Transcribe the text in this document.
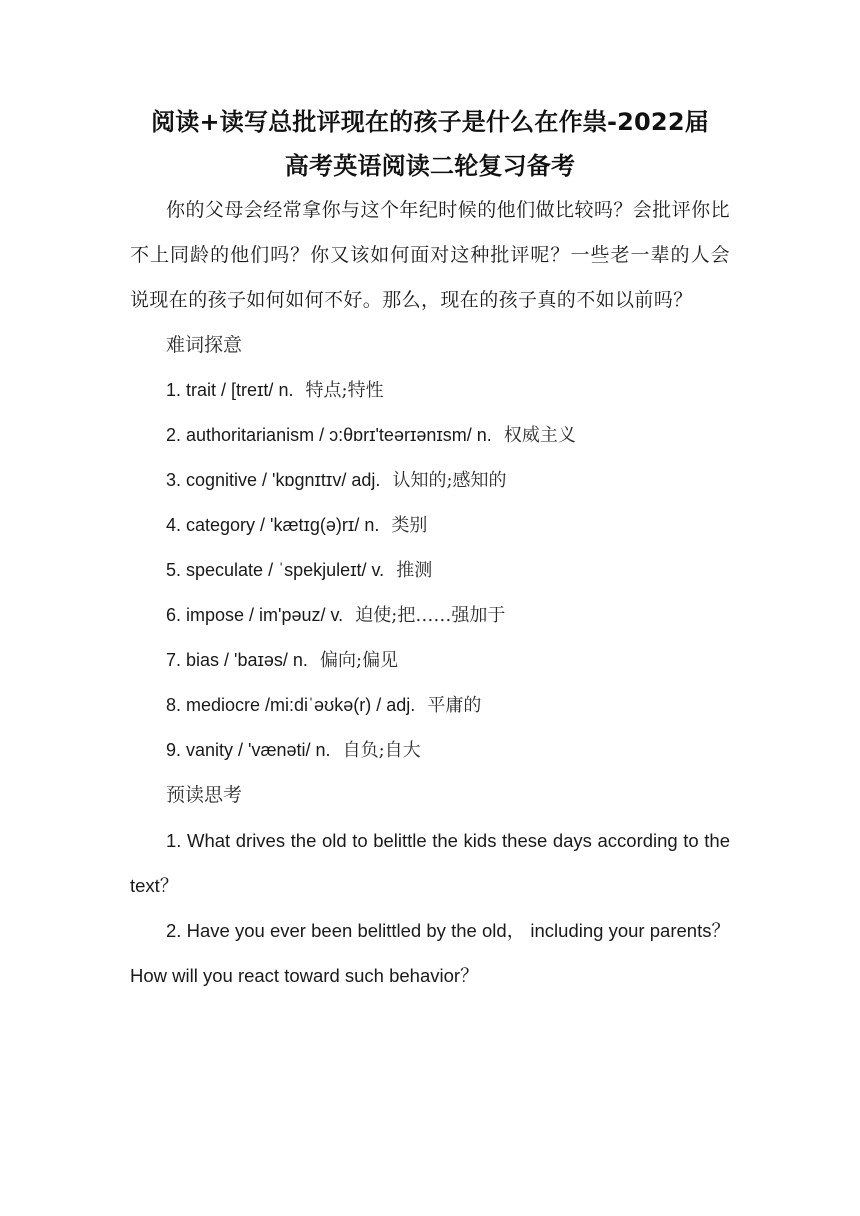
阅读+读写总批评现在的孩子是什么在作祟-2022届
高考英语阅读二轮复习备考

你的父母会经常拿你与这个年纪时候的他们做比较吗？会批评你比不上同龄的他们吗？你又该如何面对这种批评呢？一些老一辈的人会说现在的孩子如何如何不好。那么，现在的孩子真的不如以前吗？

难词探意

1. trait / [treɪt/ n. 特点;特性

2. authoritarianism / ɔ:θɒrɪ'teərɪənɪsm/ n. 权威主义

3. cognitive / 'kɒɡnɪtɪv/ adj. 认知的;感知的

4. category / 'kætɪg(ə)rɪ/ n. 类别

5. speculate / ˈspekjuleɪt/ v. 推测

6. impose / im'pəuz/ v. 迫使;把……强加于

7. bias / 'baɪəs/ n. 偏向;偏见

8. mediocre /mi:diˈəʊkə(r) / adj. 平庸的

9. vanity / 'vænəti/ n. 自负;自大

预读思考

1. What drives the old to belittle the kids these days according to the text？

2. Have you ever been belittled by the old， including your parents？ How will you react toward such behavior？
